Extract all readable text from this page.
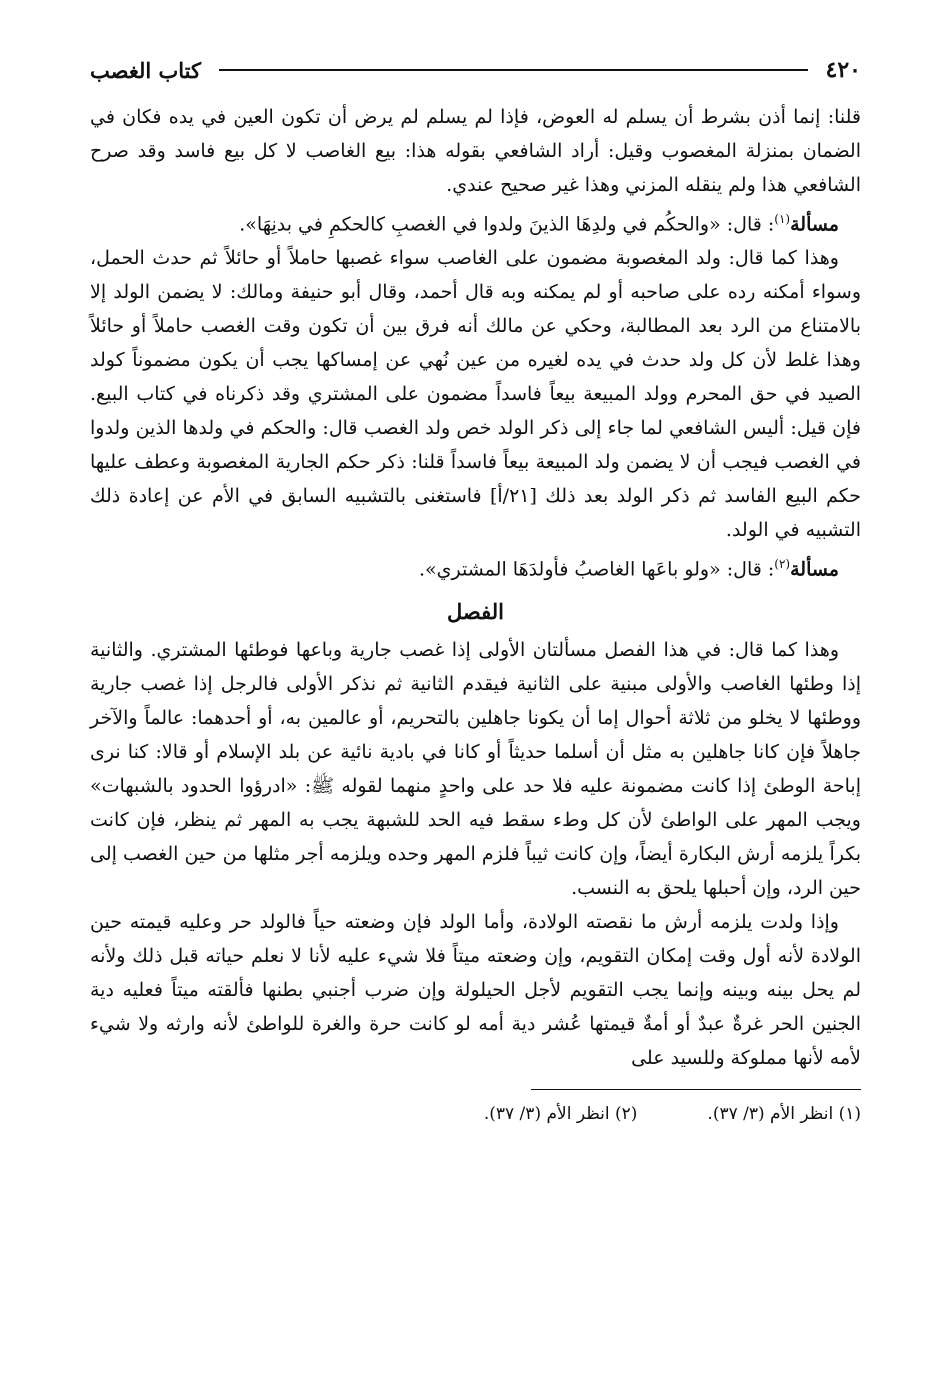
٤٢٠
كتاب الغصب

قلنا: إنما أذن بشرط أن يسلم له العوض، فإذا لم يسلم لم يرض أن تكون العين في يده فكان في الضمان بمنزلة المغصوب وقيل: أراد الشافعي بقوله هذا: بيع الغاصب لا كل بيع فاسد وقد صرح الشافعي هذا ولم ينقله المزني وهذا غير صحيح عندي.

مسألة$^{(١)}$: قال: «والحكُم في ولدِهَا الذينَ ولدوا في الغصبِ كالحكمِ في بدنِهَا».

وهذا كما قال: ولد المغصوبة مضمون على الغاصب سواء غصبها حاملاً أو حائلاً ثم حدث الحمل، وسواء أمكنه رده على صاحبه أو لم يمكنه وبه قال أحمد، وقال أبو حنيفة ومالك: لا يضمن الولد إلا بالامتناع من الرد بعد المطالبة، وحكي عن مالك أنه فرق بين أن تكون وقت الغصب حاملاً أو حائلاً وهذا غلط لأن كل ولد حدث في يده لغيره من عين نُهي عن إمساكها يجب أن يكون مضموناً كولد الصيد في حق المحرم وولد المبيعة بيعاً فاسداً مضمون على المشتري وقد ذكرناه في كتاب البيع. فإن قيل: أليس الشافعي لما جاء إلى ذكر الولد خص ولد الغصب قال: والحكم في ولدها الذين ولدوا في الغصب فيجب أن لا يضمن ولد المبيعة بيعاً فاسداً قلنا: ذكر حكم الجارية المغصوبة وعطف عليها حكم البيع الفاسد ثم ذكر الولد بعد ذلك [٢١/أ] فاستغنى بالتشبيه السابق في الأم عن إعادة ذلك التشبيه في الولد.

مسألة$^{(٢)}$: قال: «ولو باعَها الغاصبُ فأولدَهَا المشتري».

الفصل

وهذا كما قال: في هذا الفصل مسألتان الأولى إذا غصب جارية وباعها فوطئها المشتري. والثانية إذا وطئها الغاصب والأولى مبنية على الثانية فيقدم الثانية ثم نذكر الأولى فالرجل إذا غصب جارية ووطئها لا يخلو من ثلاثة أحوال إما أن يكونا جاهلين بالتحريم، أو عالمين به، أو أحدهما: عالماً والآخر جاهلاً فإن كانا جاهلين به مثل أن أسلما حديثاً أو كانا في بادية نائية عن بلد الإسلام أو قالا: كنا نرى إباحة الوطئ إذا كانت مضمونة عليه فلا حد على واحدٍ منهما لقوله ﷺ: «ادرؤوا الحدود بالشبهات» ويجب المهر على الواطئ لأن كل وطء سقط فيه الحد للشبهة يجب به المهر ثم ينظر، فإن كانت بكراً يلزمه أرش البكارة أيضاً، وإن كانت ثيباً فلزم المهر وحده ويلزمه أجر مثلها من حين الغصب إلى حين الرد، وإن أحبلها يلحق به النسب.

وإذا ولدت يلزمه أرش ما نقصته الولادة، وأما الولد فإن وضعته حياً فالولد حر وعليه قيمته حين الولادة لأنه أول وقت إمكان التقويم، وإن وضعته ميتاً فلا شيء عليه لأنا لا نعلم حياته قبل ذلك ولأنه لم يحل بينه وبينه وإنما يجب التقويم لأجل الحيلولة وإن ضرب أجنبي بطنها فألقته ميتاً فعليه دية الجنين الحر غرةٌ عبدٌ أو أمةٌ قيمتها عُشر دية أمه لو كانت حرة والغرة للواطئ لأنه وارثه ولا شيء لأمه لأنها مملوكة وللسيد على

(١) انظر الأم (٣/ ٣٧).
(٢) انظر الأم (٣/ ٣٧).
